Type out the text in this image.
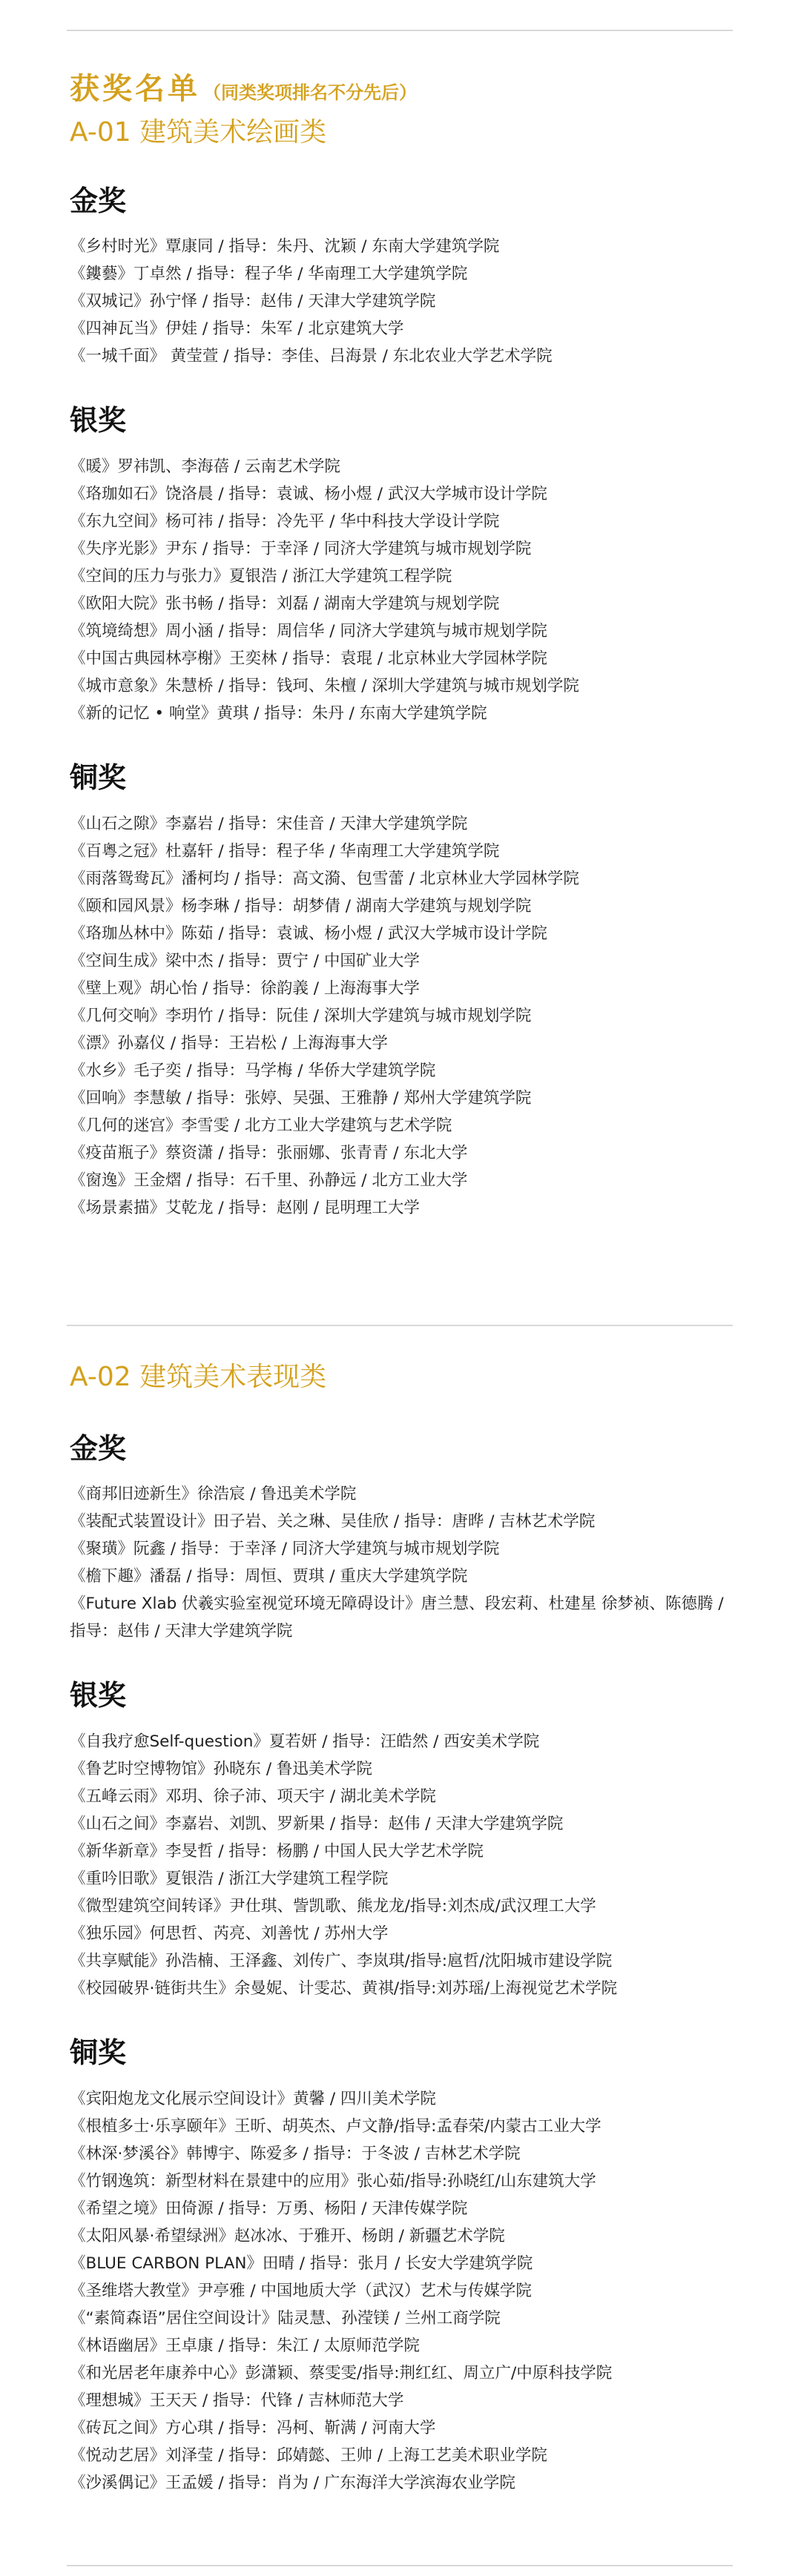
获奖名单 （同类奖项排名不分先后）
A-01 建筑美术绘画类
金奖
《乡村时光》覃康同 / 指导：朱丹、沈颖 / 东南大学建筑学院
《鏤藝》丁卓然 / 指导：程子华 / 华南理工大学建筑学院
《双城记》孙宁怿 / 指导：赵伟 / 天津大学建筑学院
《四神瓦当》伊娃 / 指导：朱军 / 北京建筑大学
《一城千面》 黄莹萱 / 指导：李佳、吕海景 / 东北农业大学艺术学院
银奖
《暖》罗祎凯、李海蓓 / 云南艺术学院
《珞珈如石》饶洛晨 / 指导：袁诚、杨小煜 / 武汉大学城市设计学院
《东九空间》杨可祎 / 指导：冷先平 / 华中科技大学设计学院
《失序光影》尹东 / 指导：于幸泽 / 同济大学建筑与城市规划学院
《空间的压力与张力》夏银浩 / 浙江大学建筑工程学院
《欧阳大院》张书畅 / 指导：刘磊 / 湖南大学建筑与规划学院
《筑境绮想》周小涵 / 指导：周信华 / 同济大学建筑与城市规划学院
《中国古典园林亭榭》王奕林 / 指导：袁琨 / 北京林业大学园林学院
《城市意象》朱慧桥 / 指导：钱珂、朱檀 / 深圳大学建筑与城市规划学院
《新的记忆 • 响堂》黄琪 / 指导：朱丹 / 东南大学建筑学院
铜奖
《山石之隙》李嘉岩 / 指导：宋佳音 / 天津大学建筑学院
《百粵之冠》杜嘉轩 / 指导：程子华 / 华南理工大学建筑学院
《雨落鸳鸯瓦》潘柯均 / 指导：高文漪、包雪蕾 / 北京林业大学园林学院
《颐和园风景》杨李琳 / 指导：胡梦倩 / 湖南大学建筑与规划学院
《珞珈丛林中》陈茹 / 指导：袁诚、杨小煜 / 武汉大学城市设计学院
《空间生成》梁中杰 / 指导：贾宁 / 中国矿业大学
《壁上观》胡心怡 / 指导：徐韵義 / 上海海事大学
《几何交响》李玥竹 / 指导：阮佳 / 深圳大学建筑与城市规划学院
《漂》孙嘉仪 / 指导：王岩松 / 上海海事大学
《水乡》毛子奕 / 指导：马学梅 / 华侨大学建筑学院
《回响》李慧敏 / 指导：张婷、吴强、王雅静 / 郑州大学建筑学院
《几何的迷宫》李雪雯 / 北方工业大学建筑与艺术学院
《疫苗瓶子》蔡资潇 / 指导：张丽娜、张青青 / 东北大学
《窗逸》王金熠 / 指导：石千里、孙静远 / 北方工业大学
《场景素描》艾乾龙 / 指导：赵刚 / 昆明理工大学
A-02 建筑美术表现类
金奖
《商邦旧迹新生》徐浩宸 / 鲁迅美术学院
《装配式装置设计》田子岩、关之琳、吴佳欣 / 指导：唐晔 / 吉林艺术学院
《聚璜》阮鑫 / 指导：于幸泽 / 同济大学建筑与城市规划学院
《檐下趣》潘磊 / 指导：周恒、贾琪 / 重庆大学建筑学院
《Future Xlab 伏羲实验室视觉环境无障碍设计》唐兰慧、段宏莉、杜建星 徐梦祯、陈德腾 / 指导：赵伟 / 天津大学建筑学院
银奖
《自我疗愈Self-question》夏若妍 / 指导：汪皓然 / 西安美术学院
《鲁艺时空博物馆》孙晓东 / 鲁迅美术学院
《五峰云雨》邓玥、徐子沛、项天宇 / 湖北美术学院
《山石之间》李嘉岩、刘凯、罗新果 / 指导：赵伟 / 天津大学建筑学院
《新华新章》李旻哲 / 指导：杨鹏 / 中国人民大学艺术学院
《重吟旧歌》夏银浩 / 浙江大学建筑工程学院
《微型建筑空间转译》尹仕琪、訾凯歌、熊龙龙/指导:刘杰成/武汉理工大学
《独乐园》何思哲、芮亮、刘善忱 / 苏州大学
《共享赋能》孙浩楠、王泽鑫、刘传广、李岚琪/指导:扈哲/沈阳城市建设学院
《校园破界·链街共生》余曼妮、计雯芯、黄祺/指导:刘苏瑶/上海视觉艺术学院
铜奖
《宾阳炮龙文化展示空间设计》黄馨 / 四川美术学院
《根植多士·乐享颐年》王昕、胡英杰、卢文静/指导:孟春荣/内蒙古工业大学
《林深·梦溪谷》韩博宇、陈爱多 / 指导：于冬波 / 吉林艺术学院
《竹钢逸筑：新型材料在景建中的应用》张心茹/指导:孙晓红/山东建筑大学
《希望之境》田倚源 / 指导：万勇、杨阳 / 天津传媒学院
《太阳风暴·希望绿洲》赵冰冰、于雅开、杨朗 / 新疆艺术学院
《BLUE CARBON PLAN》田晴 / 指导：张月 / 长安大学建筑学院
《圣维塔大教堂》尹亭雅 / 中国地质大学（武汉）艺术与传媒学院
《“素简森语”居住空间设计》陆灵慧、孙滢镁 / 兰州工商学院
《林语幽居》王卓康 / 指导：朱江 / 太原师范学院
《和光居老年康养中心》彭潇颖、蔡雯雯/指导:荆红红、周立广/中原科技学院
《理想城》王天天 / 指导：代锋 / 吉林师范大学
《砖瓦之间》方心琪 / 指导：冯柯、靳满 / 河南大学
《悦动艺居》刘泽莹 / 指导：邱婧懿、王帅 / 上海工艺美术职业学院
《沙溪偶记》王孟媛 / 指导：肖为 / 广东海洋大学滨海农业学院
